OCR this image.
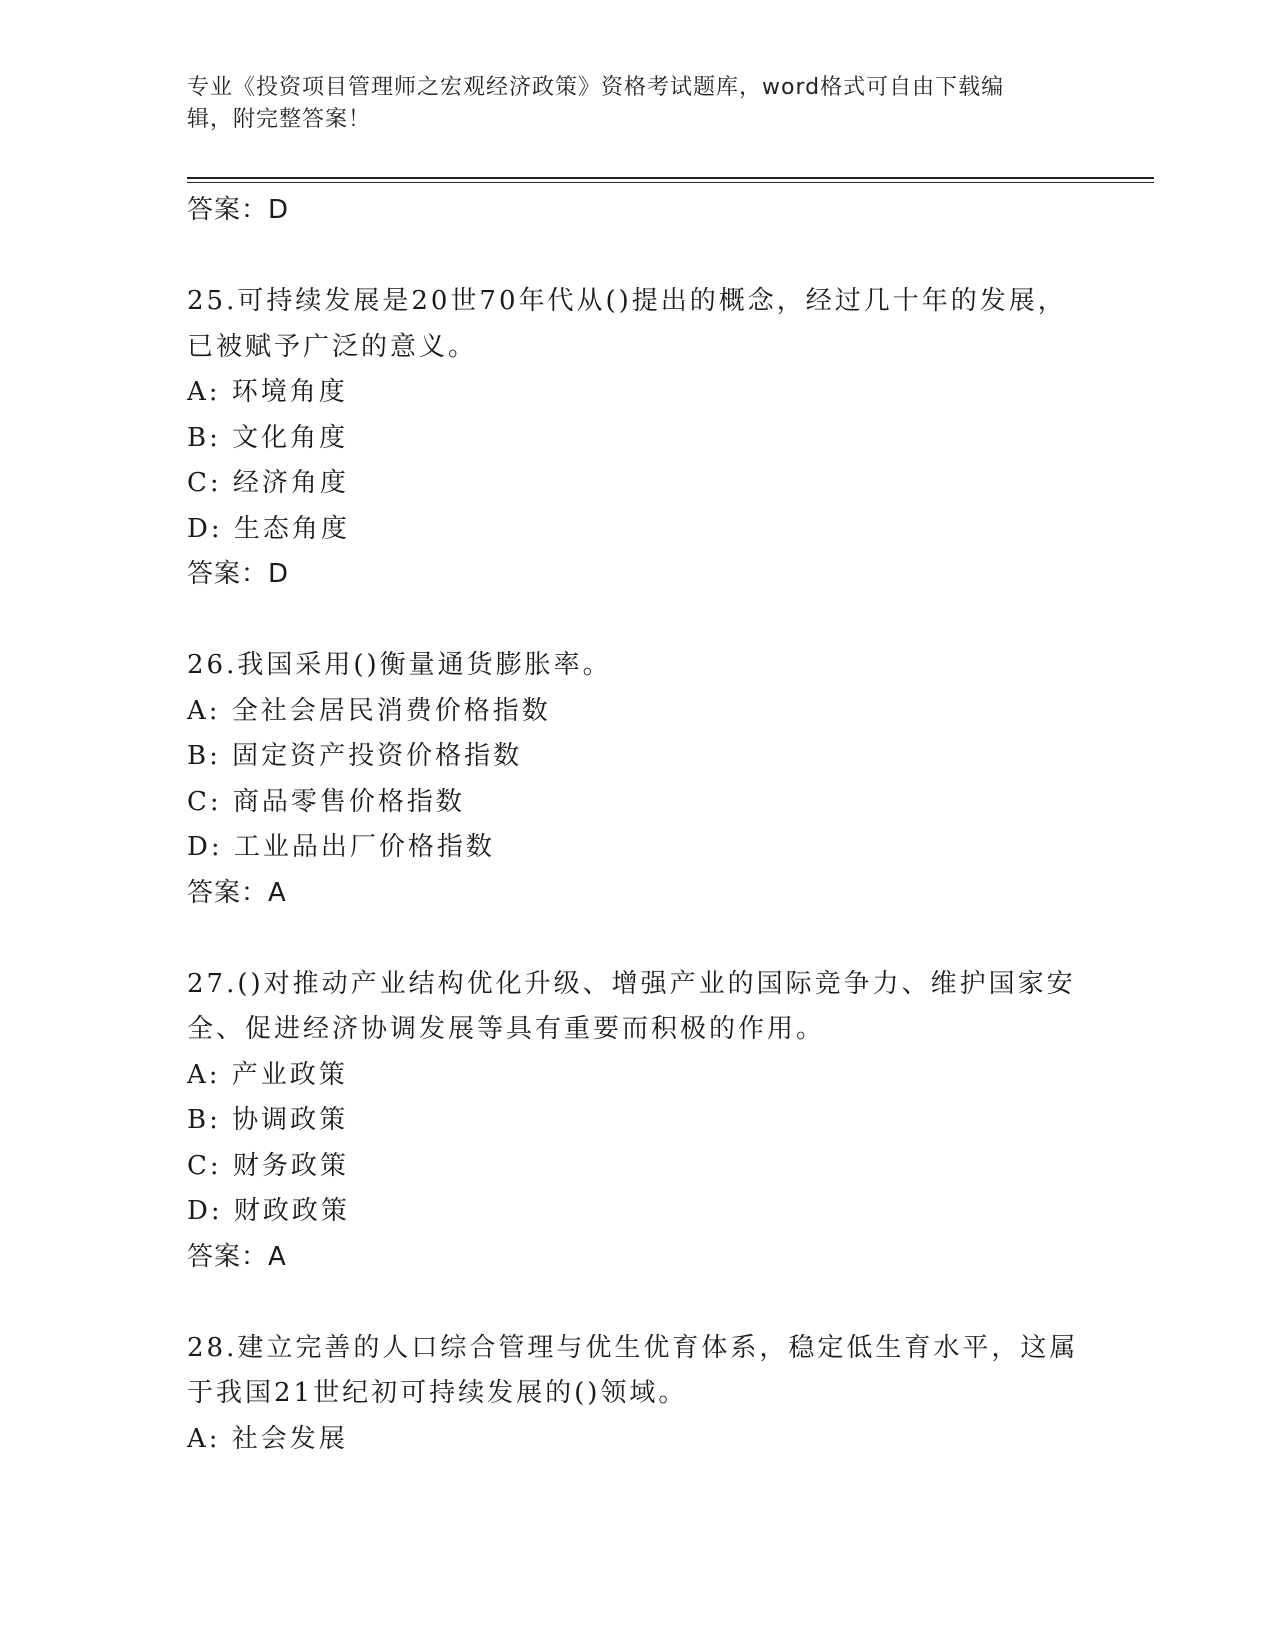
专业《投资项目管理师之宏观经济政策》资格考试题库，word格式可自由下载编
辑，附完整答案！
答案：D
25.可持续发展是20世70年代从()提出的概念，经过几十年的发展，
已被赋予广泛的意义。
A: 环境角度
B: 文化角度
C: 经济角度
D: 生态角度
答案：D
26.我国采用()衡量通货膨胀率。
A: 全社会居民消费价格指数
B: 固定资产投资价格指数
C: 商品零售价格指数
D: 工业品出厂价格指数
答案：A
27.()对推动产业结构优化升级、增强产业的国际竞争力、维护国家安
全、促进经济协调发展等具有重要而积极的作用。
A: 产业政策
B: 协调政策
C: 财务政策
D: 财政政策
答案：A
28.建立完善的人口综合管理与优生优育体系，稳定低生育水平，这属
于我国21世纪初可持续发展的()领域。
A: 社会发展
